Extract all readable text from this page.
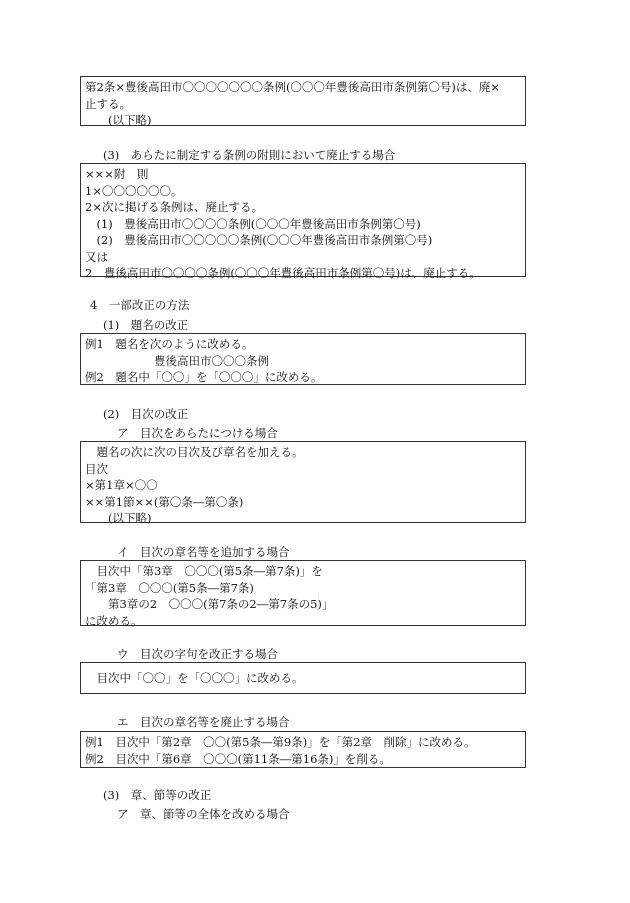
第2条×豊後高田市〇〇〇〇〇〇〇条例(〇〇〇年豊後高田市条例第〇号)は、廃×
止する。
　　(以下略)
(3)　あらたに制定する条例の附則において廃止する場合
×××附　則
1×〇〇〇〇〇〇。
2×次に掲げる条例は、廃止する。
　(1)　豊後高田市〇〇〇〇条例(〇〇〇年豊後高田市条例第〇号)
　(2)　豊後高田市〇〇〇〇〇条例(〇〇〇年豊後高田市条例第〇号)
又は
2　豊後高田市〇〇〇〇条例(〇〇〇年豊後高田市条例第〇号)は、廃止する。
4　一部改正の方法
(1)　題名の改正
例1　題名を次のように改める。
　　　　　　豊後高田市〇〇〇条例
例2　題名中「〇〇」を「〇〇〇」に改める。
(2)　目次の改正
ア　目次をあらたにつける場合
　題名の次に次の目次及び章名を加える。
目次
×第1章×〇〇
××第1節××(第〇条―第〇条)
　　(以下略)
イ　目次の章名等を追加する場合
　目次中「第3章　〇〇〇(第5条―第7条)」を
「第3章　〇〇〇(第5条―第7条)
　　第3章の2　〇〇〇(第7条の2―第7条の5)」
に改める。
ウ　目次の字句を改正する場合
　目次中「〇〇」を「〇〇〇」に改める。
エ　目次の章名等を廃止する場合
例1　目次中「第2章　〇〇(第5条―第9条)」を「第2章　削除」に改める。
例2　目次中「第6章　〇〇〇(第11条―第16条)」を削る。
(3)　章、節等の改正
ア　章、節等の全体を改める場合
